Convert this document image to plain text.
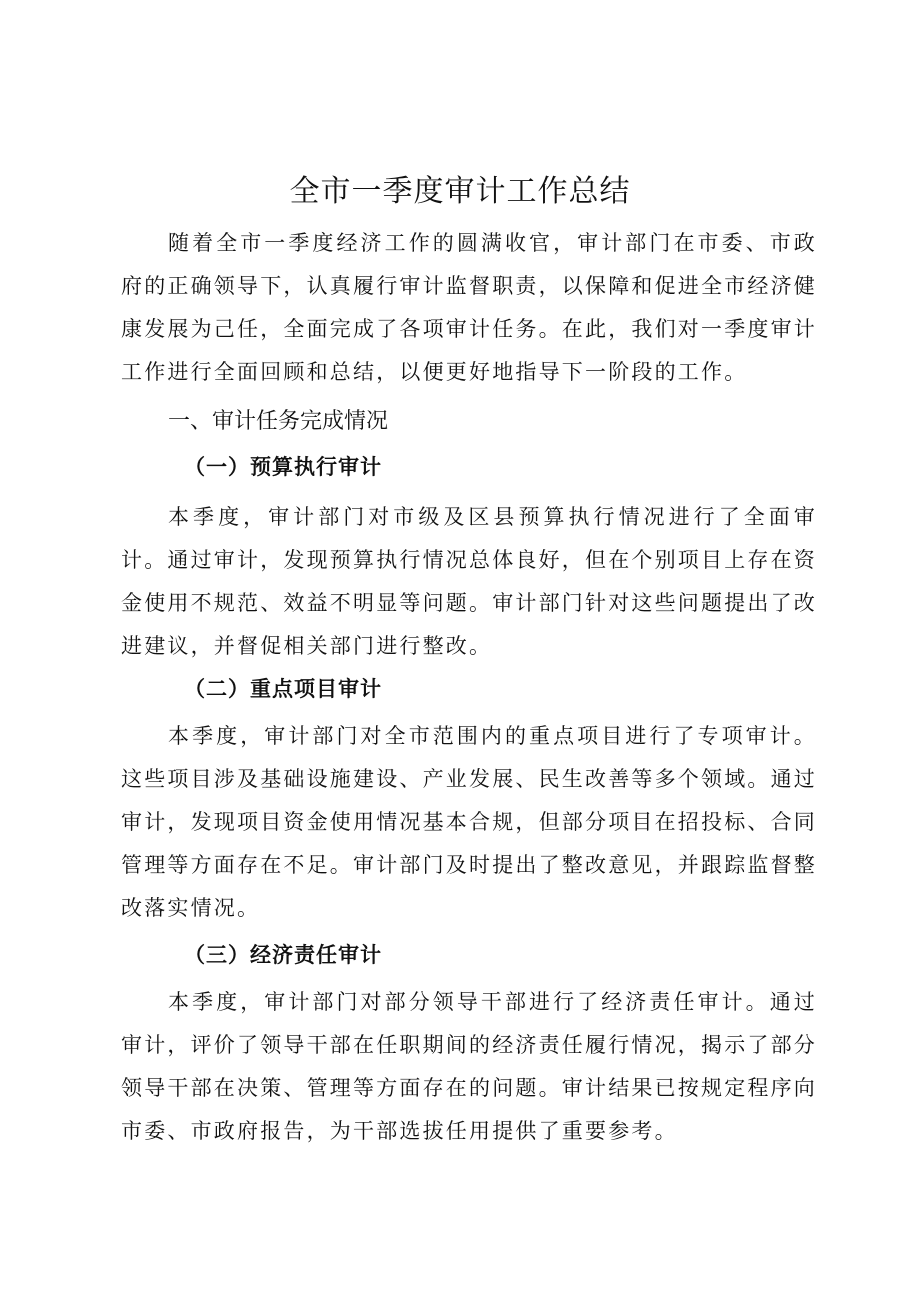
全市一季度审计工作总结
随着全市一季度经济工作的圆满收官，审计部门在市委、市政府的正确领导下，认真履行审计监督职责，以保障和促进全市经济健康发展为己任，全面完成了各项审计任务。在此，我们对一季度审计工作进行全面回顾和总结，以便更好地指导下一阶段的工作。
一、审计任务完成情况
（一）预算执行审计
本季度，审计部门对市级及区县预算执行情况进行了全面审计。通过审计，发现预算执行情况总体良好，但在个别项目上存在资金使用不规范、效益不明显等问题。审计部门针对这些问题提出了改进建议，并督促相关部门进行整改。
（二）重点项目审计
本季度，审计部门对全市范围内的重点项目进行了专项审计。这些项目涉及基础设施建设、产业发展、民生改善等多个领域。通过审计，发现项目资金使用情况基本合规，但部分项目在招投标、合同管理等方面存在不足。审计部门及时提出了整改意见，并跟踪监督整改落实情况。
（三）经济责任审计
本季度，审计部门对部分领导干部进行了经济责任审计。通过审计，评价了领导干部在任职期间的经济责任履行情况，揭示了部分领导干部在决策、管理等方面存在的问题。审计结果已按规定程序向市委、市政府报告，为干部选拔任用提供了重要参考。
